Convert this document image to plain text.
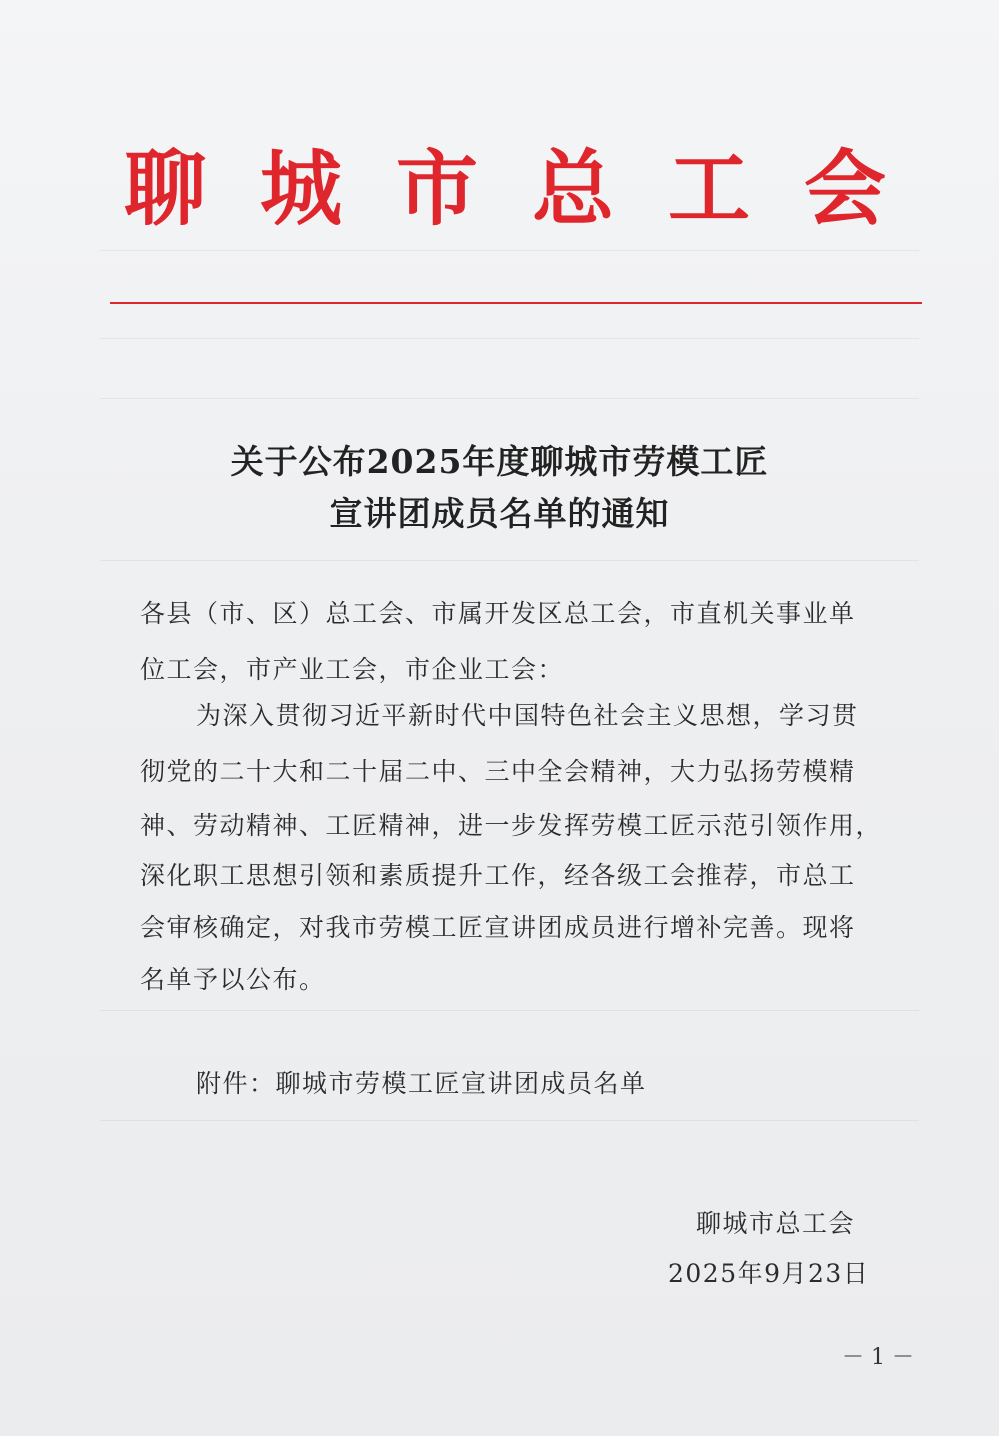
聊 城 市 总 工 会
关于公布2025年度聊城市劳模工匠
宣讲团成员名单的通知
各县（市、区）总工会、市属开发区总工会，市直机关事业单
位工会，市产业工会，市企业工会：
为深入贯彻习近平新时代中国特色社会主义思想，学习贯
彻党的二十大和二十届二中、三中全会精神，大力弘扬劳模精
神、劳动精神、工匠精神，进一步发挥劳模工匠示范引领作用，
深化职工思想引领和素质提升工作，经各级工会推荐，市总工
会审核确定，对我市劳模工匠宣讲团成员进行增补完善。现将
名单予以公布。
附件：聊城市劳模工匠宣讲团成员名单
聊城市总工会
2025年9月23日
－ 1 －
